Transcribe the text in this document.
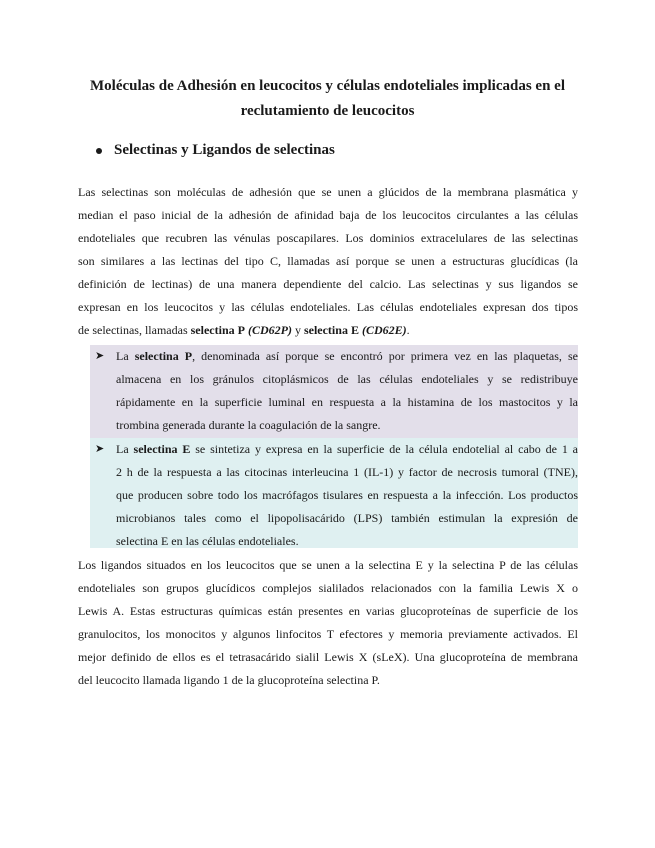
Moléculas de Adhesión en leucocitos y células endoteliales implicadas en el
reclutamiento de leucocitos
Selectinas y Ligandos de selectinas
Las selectinas son moléculas de adhesión que se unen a glúcidos de la membrana plasmática y
median el paso inicial de la adhesión de afinidad baja de los leucocitos circulantes a las células
endoteliales que recubren las vénulas poscapilares. Los dominios extracelulares de las selectinas
son similares a las lectinas del tipo C, llamadas así porque se unen a estructuras glucídicas (la
definición de lectinas) de una manera dependiente del calcio. Las selectinas y sus ligandos se
expresan en los leucocitos y las células endoteliales. Las células endoteliales expresan dos tipos
de selectinas, llamadas selectina P (CD62P) y selectina E (CD62E).
➤ La selectina P, denominada así porque se encontró por primera vez en las plaquetas, se
almacena en los gránulos citoplásmicos de las células endoteliales y se redistribuye
rápidamente en la superficie luminal en respuesta a la histamina de los mastocitos y la
trombina generada durante la coagulación de la sangre.
➤ La selectina E se sintetiza y expresa en la superficie de la célula endotelial al cabo de 1 a
2 h de la respuesta a las citocinas interleucina 1 (IL-1) y factor de necrosis tumoral (TNE),
que producen sobre todo los macrófagos tisulares en respuesta a la infección. Los productos
microbianos tales como el lipopolisacárido (LPS) también estimulan la expresión de
selectina E en las células endoteliales.
Los ligandos situados en los leucocitos que se unen a la selectina E y la selectina P de las células
endoteliales son grupos glucídicos complejos sialilados relacionados con la familia Lewis X o
Lewis A. Estas estructuras químicas están presentes en varias glucoproteínas de superficie de los
granulocitos, los monocitos y algunos linfocitos T efectores y memoria previamente activados. El
mejor definido de ellos es el tetrasacárido sialil Lewis X (sLeX). Una glucoproteína de membrana
del leucocito llamada ligando 1 de la glucoproteína selectina P.
